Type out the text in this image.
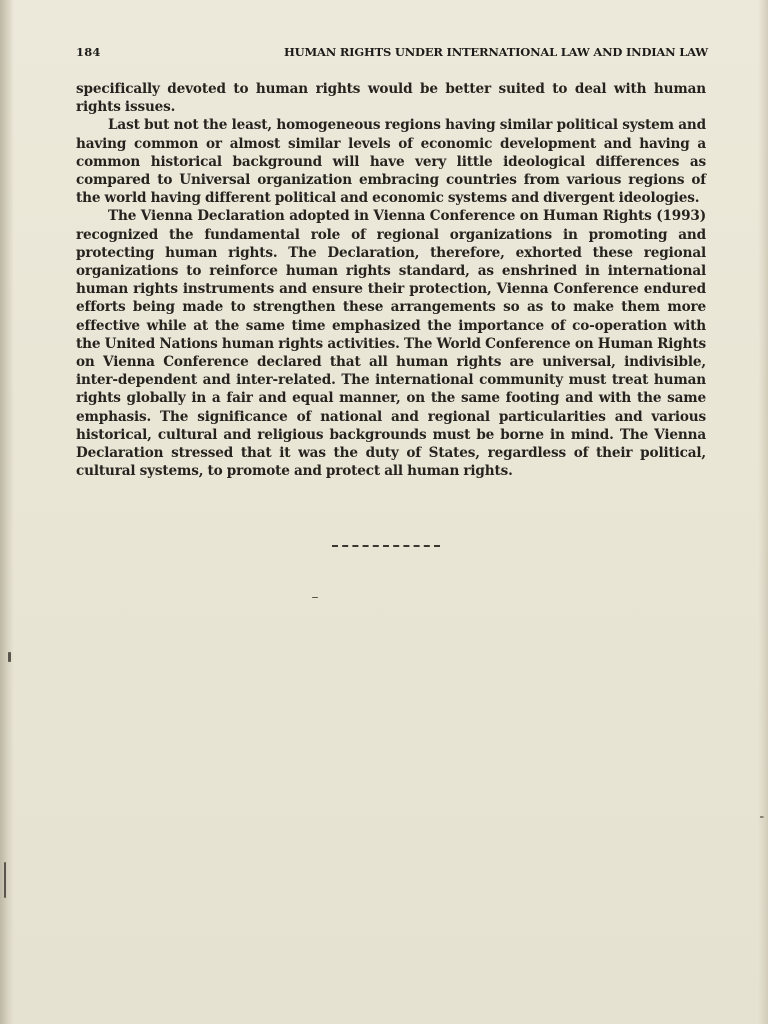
184	HUMAN RIGHTS UNDER INTERNATIONAL LAW AND INDIAN LAW

specifically devoted to human rights would be better suited to deal with human rights issues.

Last but not the least, homogeneous regions having similar political system and having common or almost similar levels of economic development and having a common historical background will have very little ideological differences as compared to Universal organization embracing countries from various regions of the world having different political and economic systems and divergent ideologies.

The Vienna Declaration adopted in Vienna Conference on Human Rights (1993) recognized the fundamental role of regional organizations in promoting and protecting human rights. The Declaration, therefore, exhorted these regional organizations to reinforce human rights standard, as enshrined in international human rights instruments and ensure their protection, Vienna Conference endured efforts being made to strengthen these arrangements so as to make them more effective while at the same time emphasized the importance of co-operation with the United Nations human rights activities. The World Conference on Human Rights on Vienna Conference declared that all human rights are universal, indivisible, inter-dependent and inter-related. The international community must treat human rights globally in a fair and equal manner, on the same footing and with the same emphasis. The significance of national and regional particularities and various historical, cultural and religious backgrounds must be borne in mind. The Vienna Declaration stressed that it was the duty of States, regardless of their political, cultural systems, to promote and protect all human rights.
